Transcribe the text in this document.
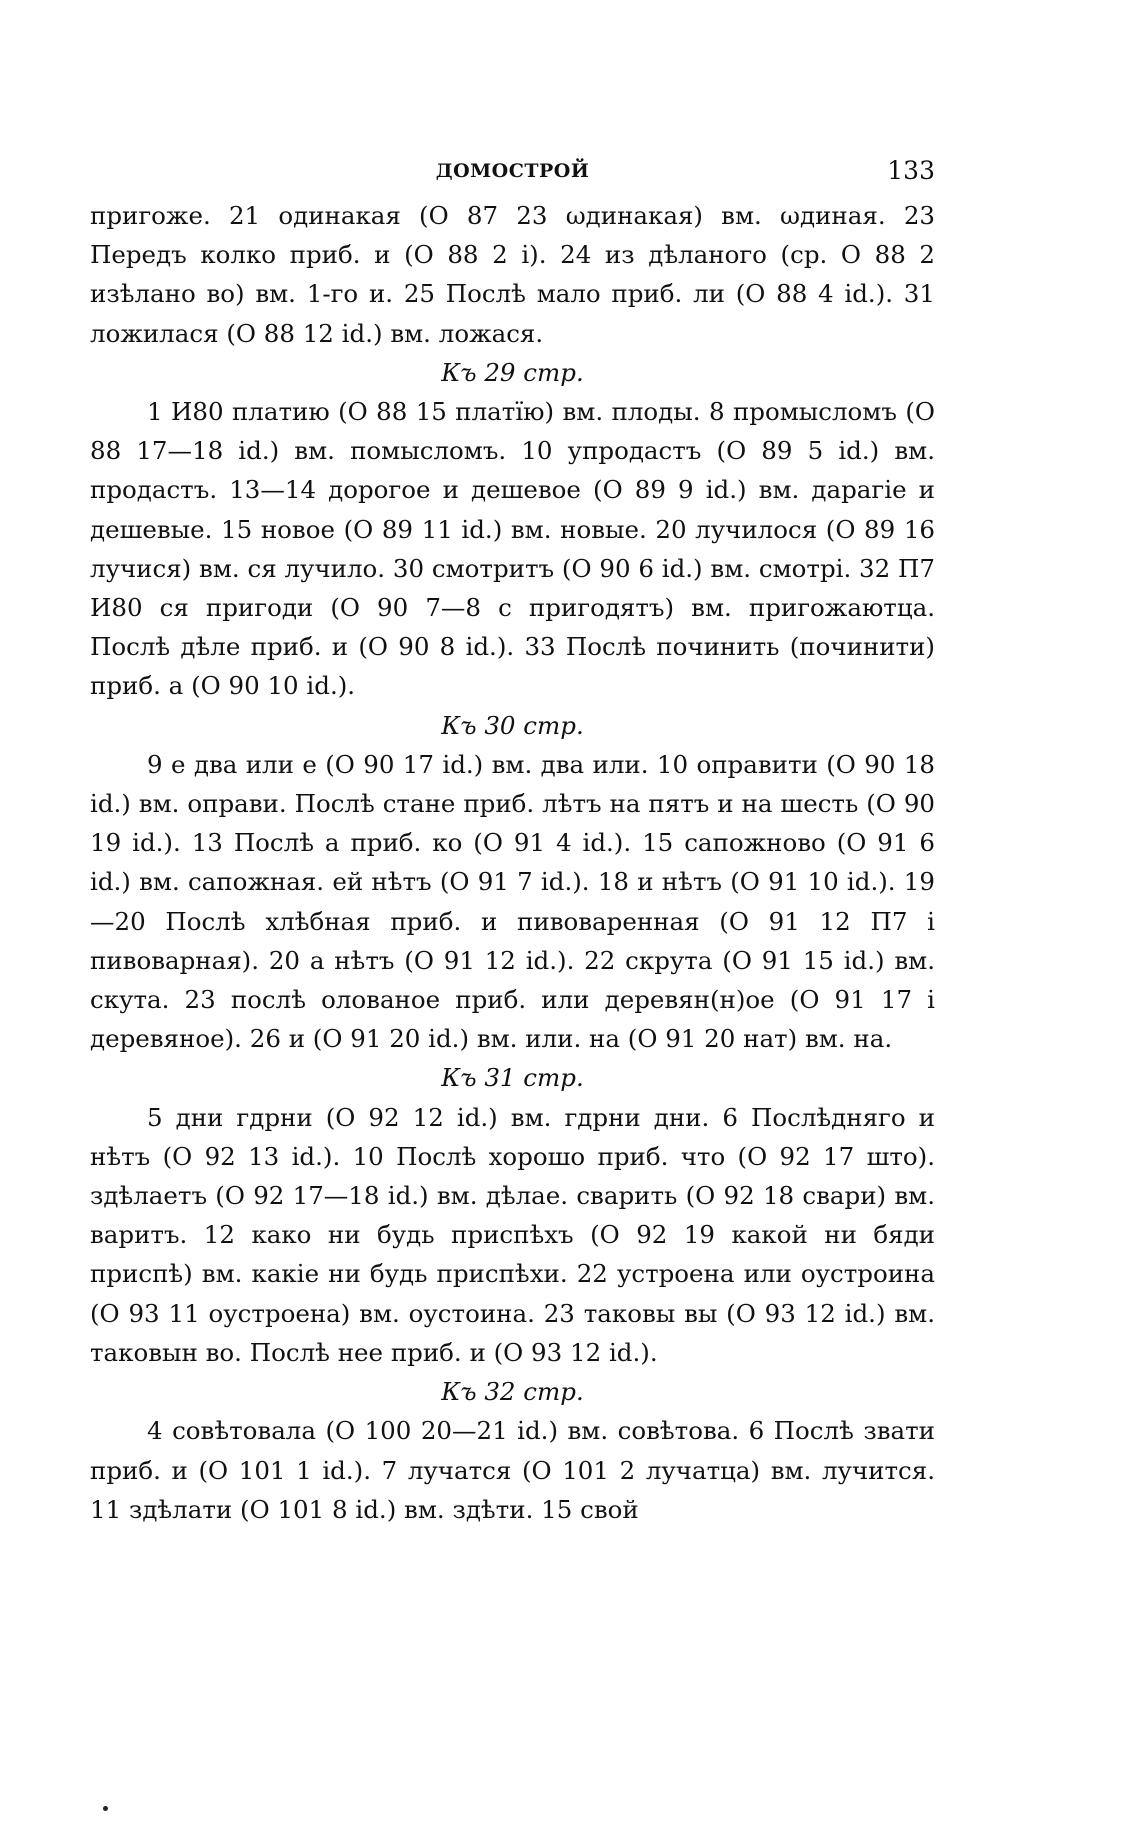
ДОМОСТРОЙ	133

пригоже. 21 одинакая (О 87 23 ωдинакая) вм. ωдиная. 23 Передъ колко приб. и (О 88 2 і). 24 из дѣланого (ср. О 88 2 изѣлано во) вм. 1-го и. 25 Послѣ мало приб. ли (О 88 4 id.). 31 ложилася (О 88 12 id.) вм. ложася.

Къ 29 стр.

1 И80 платию (О 88 15 платїю) вм. плоды. 8 промысломъ (О 88 17—18 id.) вм. помысломъ. 10 упродастъ (О 89 5 id.) вм. продастъ. 13—14 дорогое и дешевое (О 89 9 id.) вм. дарагіе и дешевые. 15 новое (О 89 11 id.) вм. новые. 20 лучилося (О 89 16 лучися) вм. ся лучило. 30 смотритъ (О 90 6 id.) вм. смотрі. 32 П7 И80 ся пригоди (О 90 7—8 с пригодятъ) вм. пригожаютца. Послѣ дѣле приб. и (О 90 8 id.). 33 Послѣ починить (починити) приб. а (О 90 10 id.).

Къ 30 стр.

9 е два или е (О 90 17 id.) вм. два или. 10 оправити (О 90 18 id.) вм. оправи. Послѣ стане приб. лѣтъ на пятъ и на шесть (О 90 19 id.). 13 Послѣ а приб. ко (О 91 4 id.). 15 сапожново (О 91 6 id.) вм. сапожная. ей нѣтъ (О 91 7 id.). 18 и нѣтъ (О 91 10 id.). 19—20 Послѣ хлѣбная приб. и пивоваренная (О 91 12 П7 і пивоварная). 20 а нѣтъ (О 91 12 id.). 22 скрута (О 91 15 id.) вм. скута. 23 послѣ олованое приб. или деревян(н)ое (О 91 17 і деревяное). 26 и (О 91 20 id.) вм. или. на (О 91 20 нат) вм. на.

Къ 31 стр.

5 дни гдрни (О 92 12 id.) вм. гдрни дни. 6 Послѣдняго и нѣтъ (О 92 13 id.). 10 Послѣ хорошо приб. что (О 92 17 што). здѣлаетъ (О 92 17—18 id.) вм. дѣлае. сварить (О 92 18 свари) вм. варитъ. 12 како ни будь приспѣхъ (О 92 19 какой ни бяди приспѣ) вм. какіе ни будь приспѣхи. 22 устроена или оустроина (О 93 11 оустроена) вм. оустоина. 23 таковы вы (О 93 12 id.) вм. таковын во. Послѣ нее приб. и (О 93 12 id.).

Къ 32 стр.

4 совѣтовала (О 100 20—21 id.) вм. совѣтова. 6 Послѣ звати приб. и (О 101 1 id.). 7 лучатся (О 101 2 лучатца) вм. лучится. 11 здѣлати (О 101 8 id.) вм. здѣти. 15 свой
